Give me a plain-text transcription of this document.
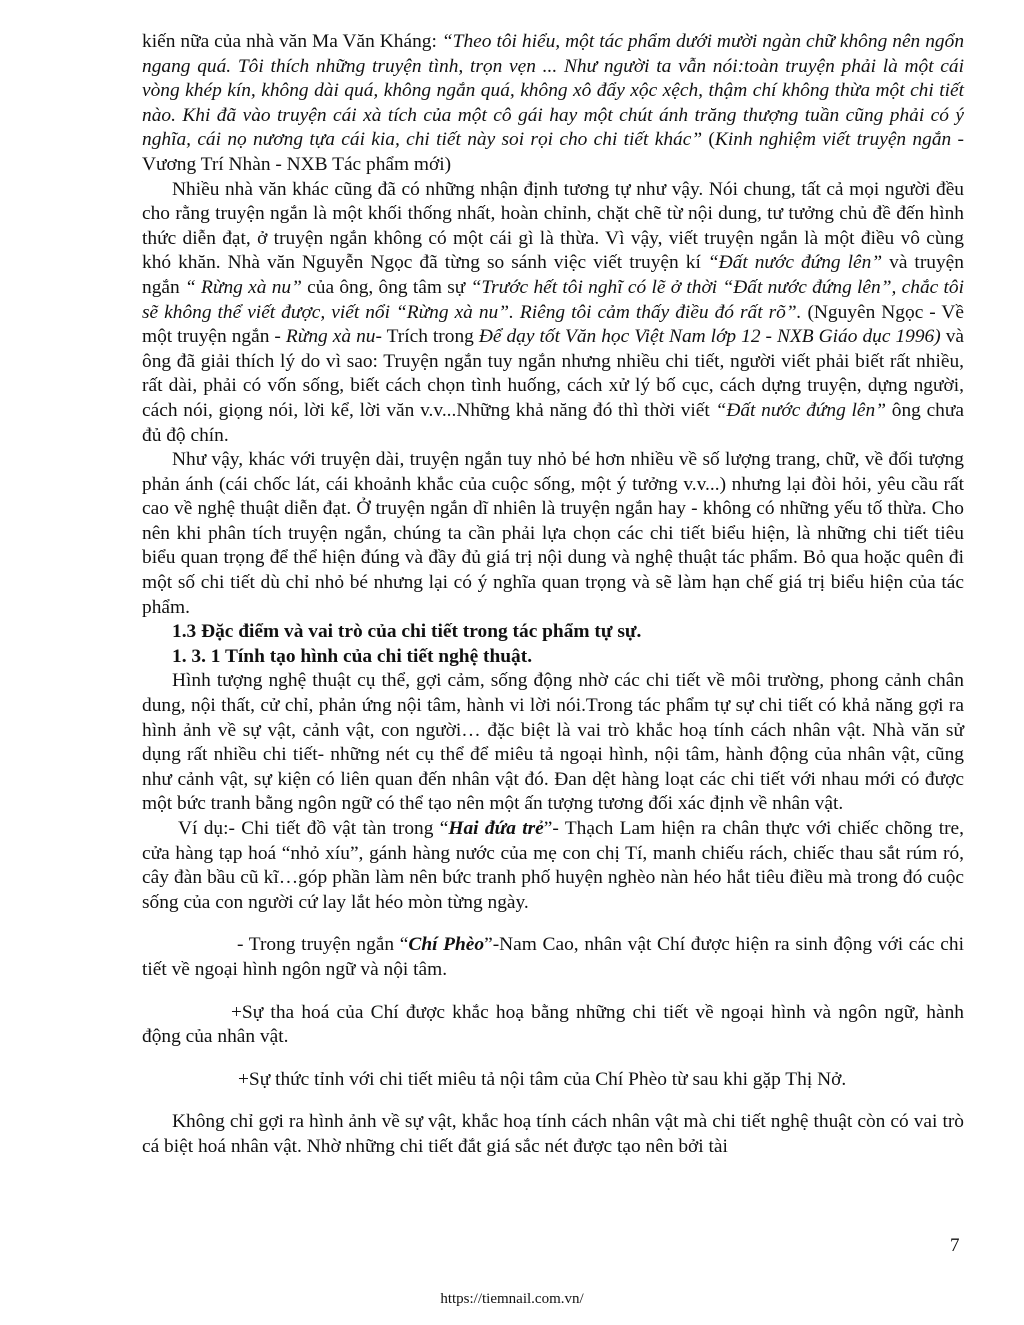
kiến nữa của nhà văn Ma Văn Kháng: “Theo tôi hiểu, một tác phẩm dưới mười ngàn chữ không nên ngổn ngang quá. Tôi thích những truyện tình, trọn vẹn ... Như người ta vẫn nói:toàn truyện phải là một cái vòng khép kín, không dài quá, không ngắn quá, không xô đẩy xộc xệch, thậm chí không thừa một chi tiết nào. Khi đã vào truyện cái xà tích của một cô gái hay một chút ánh trăng thượng tuần cũng phải có ý nghĩa, cái nọ nương tựa cái kia, chi tiết này soi rọi cho chi tiết khác” (Kinh nghiệm viết truyện ngắn - Vương Trí Nhàn - NXB Tác phẩm mới)

Nhiều nhà văn khác cũng đã có những nhận định tương tự như vậy. Nói chung, tất cả mọi người đều cho rằng truyện ngắn là một khối thống nhất, hoàn chỉnh, chặt chẽ từ nội dung, tư tưởng chủ đề đến hình thức diễn đạt, ở truyện ngắn không có một cái gì là thừa. Vì vậy, viết truyện ngắn là một điều vô cùng khó khăn. Nhà văn Nguyễn Ngọc đã từng so sánh việc viết truyện kí “Đất nước đứng lên” và truyện ngắn “ Rừng xà nu” của ông, ông tâm sự “Trước hết tôi nghĩ có lẽ ở thời “Đất nước đứng lên”, chắc tôi sẽ không thể viết được, viết nổi “Rừng xà nu”. Riêng tôi cảm thấy điều đó rất rõ”. (Nguyên Ngọc - Về một truyện ngắn - Rừng xà nu- Trích trong Để dạy tốt Văn học Việt Nam lớp 12 - NXB Giáo dục 1996) và ông đã giải thích lý do vì sao: Truyện ngắn tuy ngắn nhưng nhiều chi tiết, người viết phải biết rất nhiều, rất dài, phải có vốn sống, biết cách chọn tình huống, cách xử lý bố cục, cách dựng truyện, dựng người, cách nói, giọng nói, lời kể, lời văn v.v...Những khả năng đó thì thời viết “Đất nước đứng lên” ông chưa đủ độ chín.

Như vậy, khác với truyện dài, truyện ngắn tuy nhỏ bé hơn nhiều về số lượng trang, chữ, về đối tượng phản ánh (cái chốc lát, cái khoảnh khắc của cuộc sống, một ý tưởng v.v...) nhưng lại đòi hỏi, yêu cầu rất cao về nghệ thuật diễn đạt. Ở truyện ngắn dĩ nhiên là truyện ngắn hay - không có những yếu tố thừa. Cho nên khi phân tích truyện ngắn, chúng ta cần phải lựa chọn các chi tiết biểu hiện, là những chi tiết tiêu biểu quan trọng để thể hiện đúng và đầy đủ giá trị nội dung và nghệ thuật tác phẩm. Bỏ qua hoặc quên đi một số chi tiết dù chỉ nhỏ bé nhưng lại có ý nghĩa quan trọng và sẽ làm hạn chế giá trị biểu hiện của tác phẩm.

1.3 Đặc điểm và vai trò của chi tiết trong tác phẩm tự sự.

1. 3. 1 Tính tạo hình của chi tiết nghệ thuật.

Hình tượng nghệ thuật cụ thể, gợi cảm, sống động nhờ các chi tiết về môi trường, phong cảnh chân dung, nội thất, cử chỉ, phản ứng nội tâm, hành vi lời nói.Trong tác phẩm tự sự chi tiết có khả năng gợi ra hình ảnh về sự vật, cảnh vật, con người… đặc biệt là vai trò khắc hoạ tính cách nhân vật. Nhà văn sử dụng rất nhiều chi tiết- những nét cụ thể để miêu tả ngoại hình, nội tâm, hành động của nhân vật, cũng như cảnh vật, sự kiện có liên quan đến nhân vật đó. Đan dệt hàng loạt các chi tiết với nhau mới có được một bức tranh bằng ngôn ngữ có thể tạo nên một ấn tượng tương đối xác định về nhân vật.

Ví dụ:- Chi tiết đồ vật tàn trong “Hai đứa trẻ”- Thạch Lam hiện ra chân thực với chiếc chõng tre, cửa hàng tạp hoá “nhỏ xíu”, gánh hàng nước của mẹ con chị Tí, manh chiếu rách, chiếc thau sắt rúm ró, cây đàn bầu cũ kĩ…góp phần làm nên bức tranh phố huyện nghèo nàn héo hắt tiêu điều mà trong đó cuộc sống của con người cứ lay lắt héo mòn từng ngày.

- Trong truyện ngắn “Chí Phèo”-Nam Cao, nhân vật Chí được hiện ra sinh động với các chi tiết về ngoại hình ngôn ngữ và nội tâm.

+Sự tha hoá của Chí được khắc hoạ bằng những chi tiết về ngoại hình và ngôn ngữ, hành động của nhân vật.

+Sự thức tỉnh với chi tiết miêu tả nội tâm của Chí Phèo từ sau khi gặp Thị Nở.

Không chỉ gợi ra hình ảnh về sự vật, khắc hoạ tính cách nhân vật mà chi tiết nghệ thuật còn có vai trò cá biệt hoá nhân vật. Nhờ những chi tiết đắt giá sắc nét được tạo nên bởi tài

7
https://tiemnail.com.vn/
